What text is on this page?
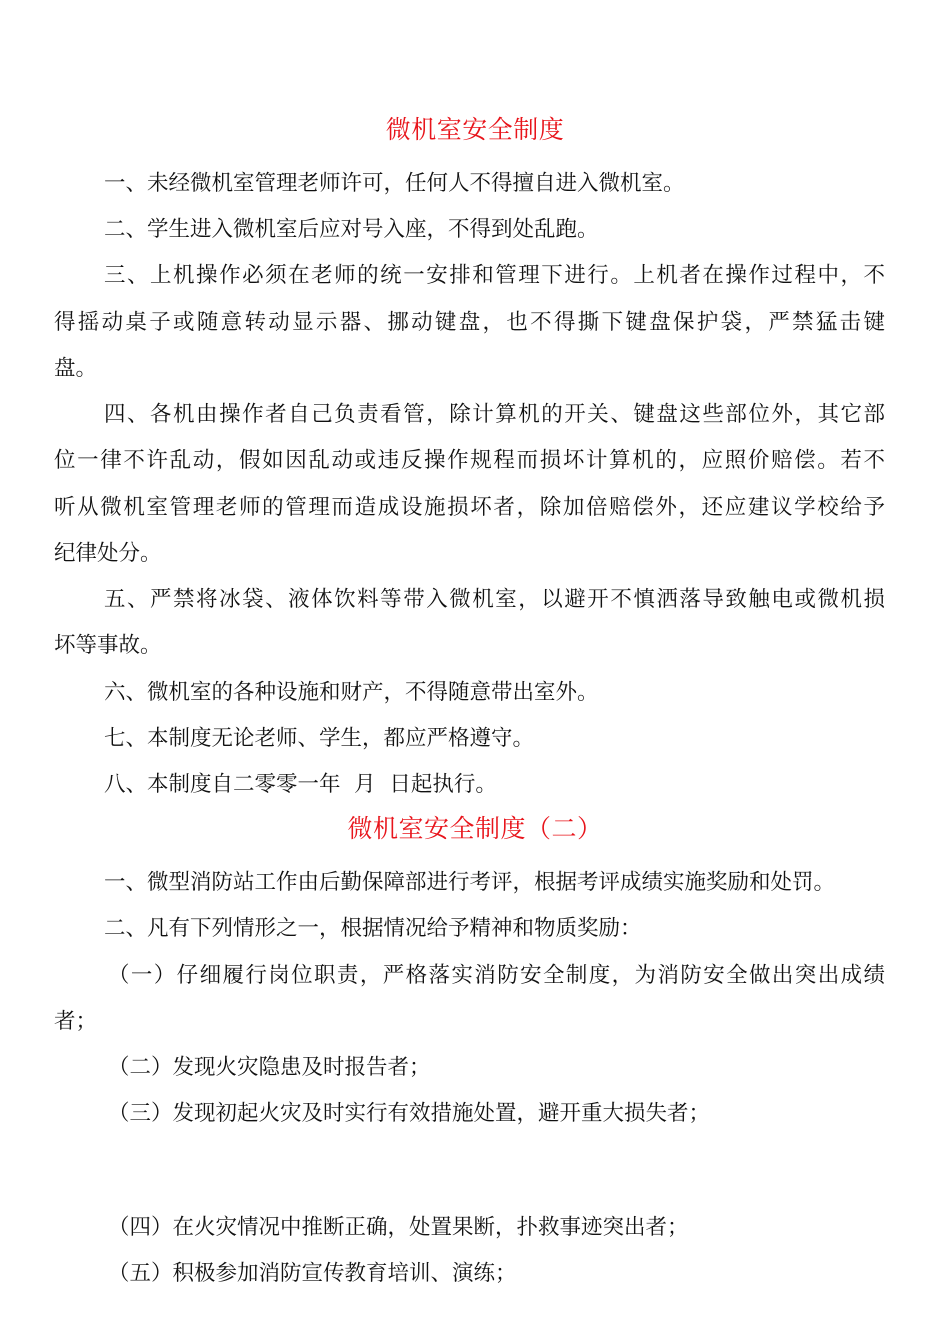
微机室安全制度
一、未经微机室管理老师许可，任何人不得擅自进入微机室。
二、学生进入微机室后应对号入座，不得到处乱跑。
三、上机操作必须在老师的统一安排和管理下进行。上机者在操作过程中，不
得摇动桌子或随意转动显示器、挪动键盘，也不得撕下键盘保护袋，严禁猛击键
盘。
四、各机由操作者自己负责看管，除计算机的开关、键盘这些部位外，其它部
位一律不许乱动，假如因乱动或违反操作规程而损坏计算机的，应照价赔偿。若不
听从微机室管理老师的管理而造成设施损坏者，除加倍赔偿外，还应建议学校给予
纪律处分。
五、严禁将冰袋、液体饮料等带入微机室，以避开不慎洒落导致触电或微机损
坏等事故。
六、微机室的各种设施和财产，不得随意带出室外。
七、本制度无论老师、学生，都应严格遵守。
八、本制度自二零零一年  月  日起执行。
微机室安全制度（二）
一、微型消防站工作由后勤保障部进行考评，根据考评成绩实施奖励和处罚。
二、凡有下列情形之一，根据情况给予精神和物质奖励：
（一）仔细履行岗位职责，严格落实消防安全制度，为消防安全做出突出成绩
者；
（二）发现火灾隐患及时报告者；
（三）发现初起火灾及时实行有效措施处置，避开重大损失者；
（四）在火灾情况中推断正确，处置果断，扑救事迹突出者；
（五）积极参加消防宣传教育培训、演练；
